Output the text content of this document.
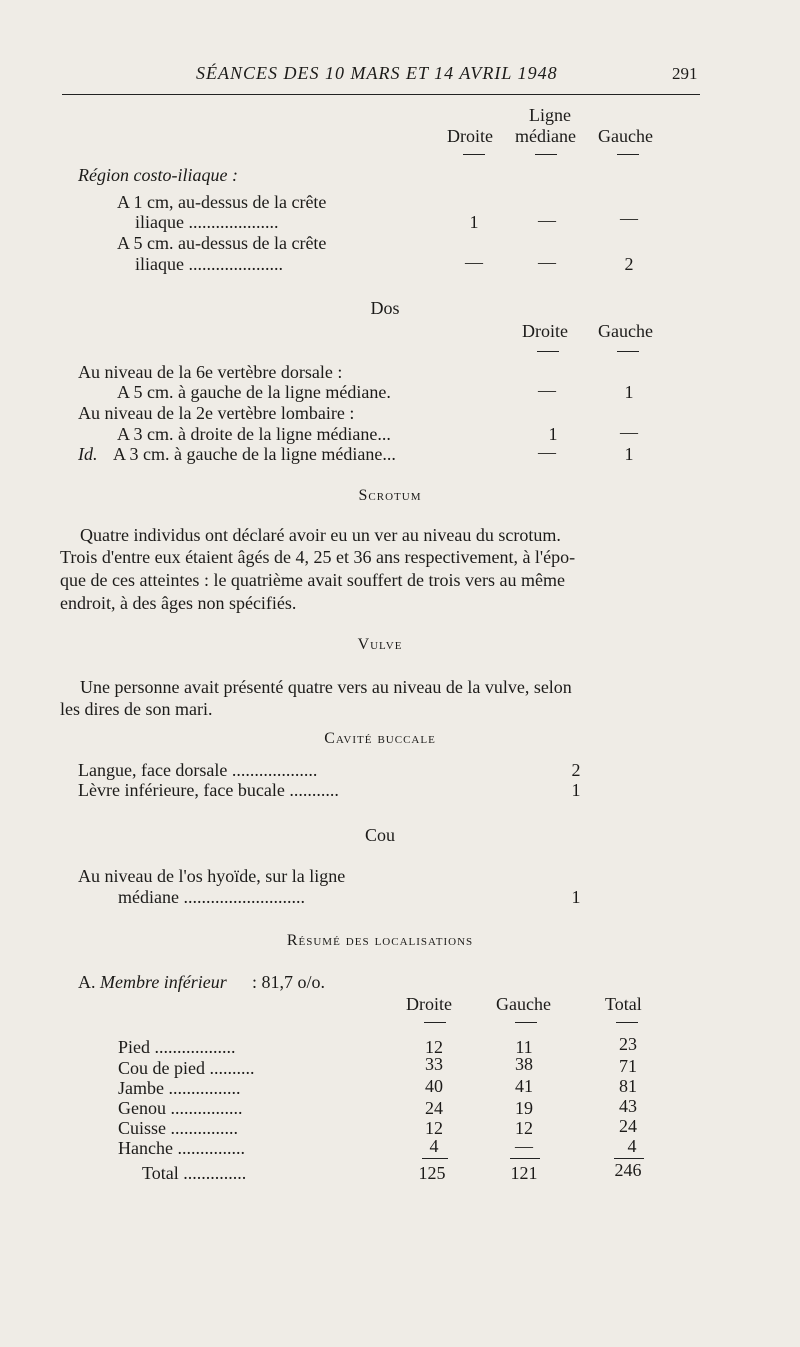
SÉANCES DES 10 MARS ET 14 AVRIL 1948	291
Ligne
Droite médiane Gauche
Région costo-iliaque :
A 1 cm, au-dessus de la crête
iliaque ....................	1	—	—
A 5 cm. au-dessus de la crête
iliaque .....................	—	—	2
Dos
Droite Gauche
Au niveau de la 6e vertèbre dorsale :
A 5 cm. à gauche de la ligne médiane.	—	1
Au niveau de la 2e vertèbre lombaire :
A 3 cm. à droite de la ligne médiane...	1	—
Id. A 3 cm. à gauche de la ligne médiane...	—	1
Scrotum
Quatre individus ont déclaré avoir eu un ver au niveau du scrotum.
Trois d'entre eux étaient âgés de 4, 25 et 36 ans respectivement, à l'épo-
que de ces atteintes : le quatrième avait souffert de trois vers au même
endroit, à des âges non spécifiés.
Vulve
Une personne avait présenté quatre vers au niveau de la vulve, selon
les dires de son mari.
Cavité buccale
Langue, face dorsale ...................	2
Lèvre inférieure, face bucale ...........	1
Cou
Au niveau de l'os hyoïde, sur la ligne
médiane ...........................	1
Résumé des localisations
A. Membre inférieur : 81,7 o/o.
Droite Gauche	Total
Pied ..................	12	11	23
Cou de pied ..........	33	38	71
Jambe ................	40	41	81
Genou ................	24	19	43
Cuisse ...............	12	12	24
Hanche ...............	4	—	4
Total ..............	125	121	246
